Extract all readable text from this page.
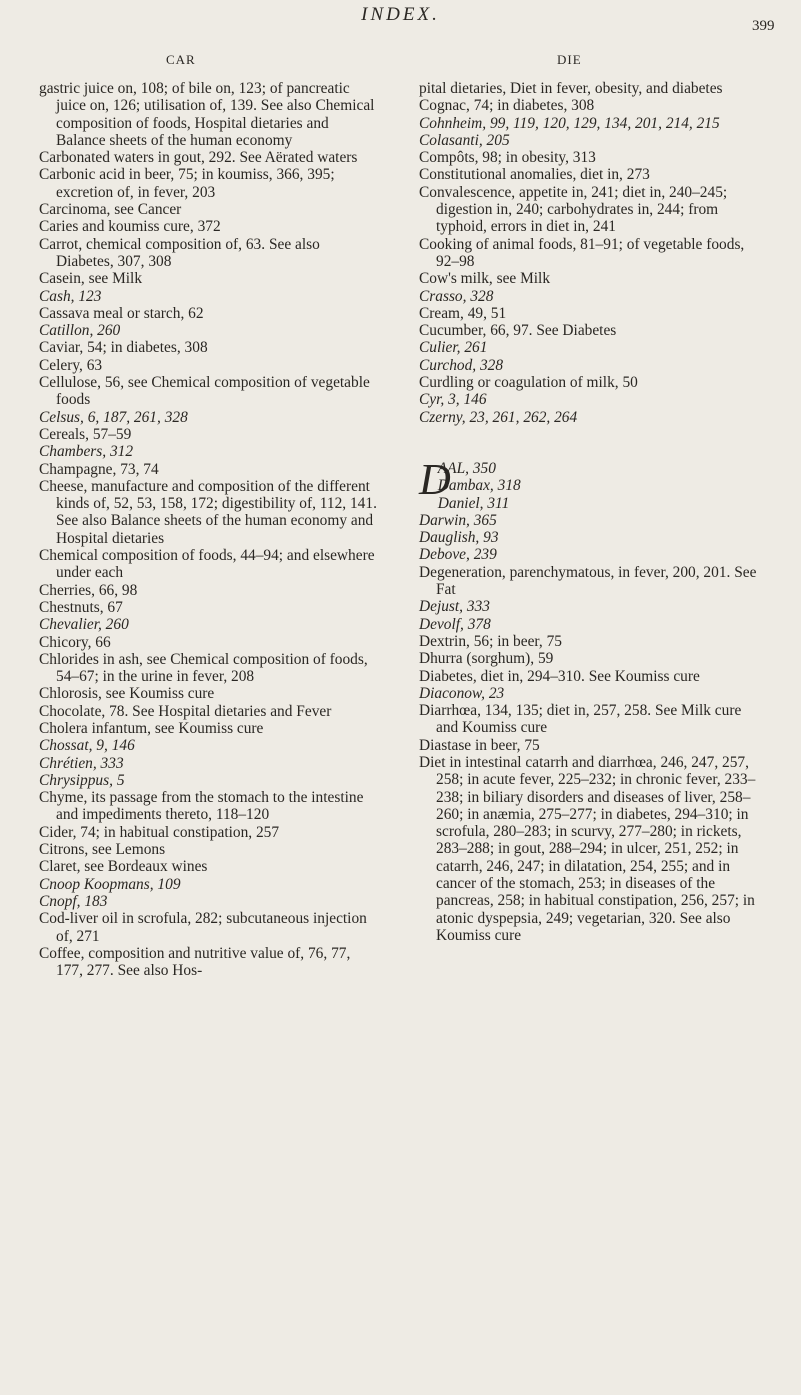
INDEX.
399
CAR	DIE
gastric juice on, 108; of bile on, 123; of pancreatic juice on, 126; utilisation of, 139. See also Chemical composition of foods, Hospital dietaries and Balance sheets of the human economy
Carbonated waters in gout, 292. See Aërated waters
Carbonic acid in beer, 75; in koumiss, 366, 395; excretion of, in fever, 203
Carcinoma, see Cancer
Caries and koumiss cure, 372
Carrot, chemical composition of, 63. See also Diabetes, 307, 308
Casein, see Milk
Cash, 123
Cassava meal or starch, 62
Catillon, 260
Caviar, 54; in diabetes, 308
Celery, 63
Cellulose, 56, see Chemical composition of vegetable foods
Celsus, 6, 187, 261, 328
Cereals, 57–59
Chambers, 312
Champagne, 73, 74
Cheese, manufacture and composition of the different kinds of, 52, 53, 158, 172; digestibility of, 112, 141. See also Balance sheets of the human economy and Hospital dietaries
Chemical composition of foods, 44–94; and elsewhere under each
Cherries, 66, 98
Chestnuts, 67
Chevalier, 260
Chicory, 66
Chlorides in ash, see Chemical composition of foods, 54–67; in the urine in fever, 208
Chlorosis, see Koumiss cure
Chocolate, 78. See Hospital dietaries and Fever
Cholera infantum, see Koumiss cure
Chossat, 9, 146
Chrétien, 333
Chrysippus, 5
Chyme, its passage from the stomach to the intestine and impediments thereto, 118–120
Cider, 74; in habitual constipation, 257
Citrons, see Lemons
Claret, see Bordeaux wines
Cnoop Koopmans, 109
Cnopf, 183
Cod-liver oil in scrofula, 282; subcutaneous injection of, 271
Coffee, composition and nutritive value of, 76, 77, 177, 277. See also Hos-
pital dietaries, Diet in fever, obesity, and diabetes
Cognac, 74; in diabetes, 308
Cohnheim, 99, 119, 120, 129, 134, 201, 214, 215
Colasanti, 205
Compôts, 98; in obesity, 313
Constitutional anomalies, diet in, 273
Convalescence, appetite in, 241; diet in, 240–245; digestion in, 240; carbohydrates in, 244; from typhoid, errors in diet in, 241
Cooking of animal foods, 81–91; of vegetable foods, 92–98
Cow's milk, see Milk
Crasso, 328
Cream, 49, 51
Cucumber, 66, 97. See Diabetes
Culier, 261
Curchod, 328
Curdling or coagulation of milk, 50
Cyr, 3, 146
Czerny, 23, 261, 262, 264
D
AAL, 350
Dambax, 318
Daniel, 311
Darwin, 365
Dauglish, 93
Debove, 239
Degeneration, parenchymatous, in fever, 200, 201. See Fat
Dejust, 333
Devolf, 378
Dextrin, 56; in beer, 75
Dhurra (sorghum), 59
Diabetes, diet in, 294–310. See Koumiss cure
Diaconow, 23
Diarrhœa, 134, 135; diet in, 257, 258. See Milk cure and Koumiss cure
Diastase in beer, 75
Diet in intestinal catarrh and diarrhœa, 246, 247, 257, 258; in acute fever, 225–232; in chronic fever, 233–238; in biliary disorders and diseases of liver, 258–260; in anæmia, 275–277; in diabetes, 294–310; in scrofula, 280–283; in scurvy, 277–280; in rickets, 283–288; in gout, 288–294; in ulcer, 251, 252; in catarrh, 246, 247; in dilatation, 254, 255; and in cancer of the stomach, 253; in diseases of the pancreas, 258; in habitual constipation, 256, 257; in atonic dyspepsia, 249; vegetarian, 320. See also Koumiss cure
